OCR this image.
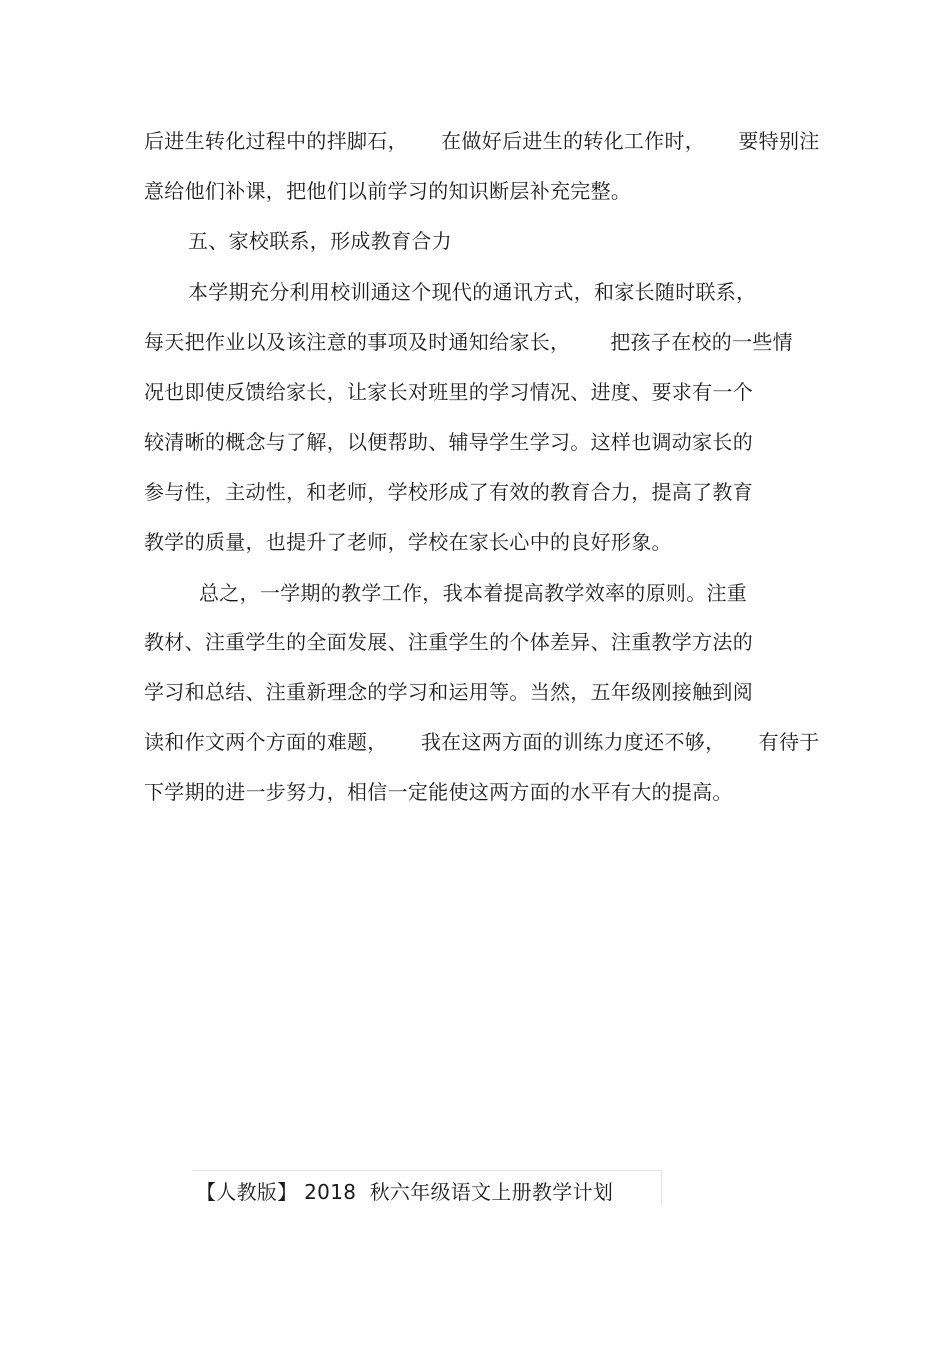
后进生转化过程中的拌脚石，     在做好后进生的转化工作时，     要特别注
意给他们补课，把他们以前学习的知识断层补充完整。
五、家校联系，形成教育合力
本学期充分利用校训通这个现代的通讯方式，和家长随时联系，
每天把作业以及该注意的事项及时通知给家长，      把孩子在校的一些情
况也即使反馈给家长，让家长对班里的学习情况、进度、要求有一个
较清晰的概念与了解，以便帮助、辅导学生学习。这样也调动家长的
参与性，主动性，和老师，学校形成了有效的教育合力，提高了教育
教学的质量，也提升了老师，学校在家长心中的良好形象。
总之，一学期的教学工作，我本着提高教学效率的原则。注重
教材、注重学生的全面发展、注重学生的个体差异、注重教学方法的
学习和总结、注重新理念的学习和运用等。当然，五年级刚接触到阅
读和作文两个方面的难题，     我在这两方面的训练力度还不够，     有待于
下学期的进一步努力，相信一定能使这两方面的水平有大的提高。
【人教版】 2018  秋六年级语文上册教学计划
